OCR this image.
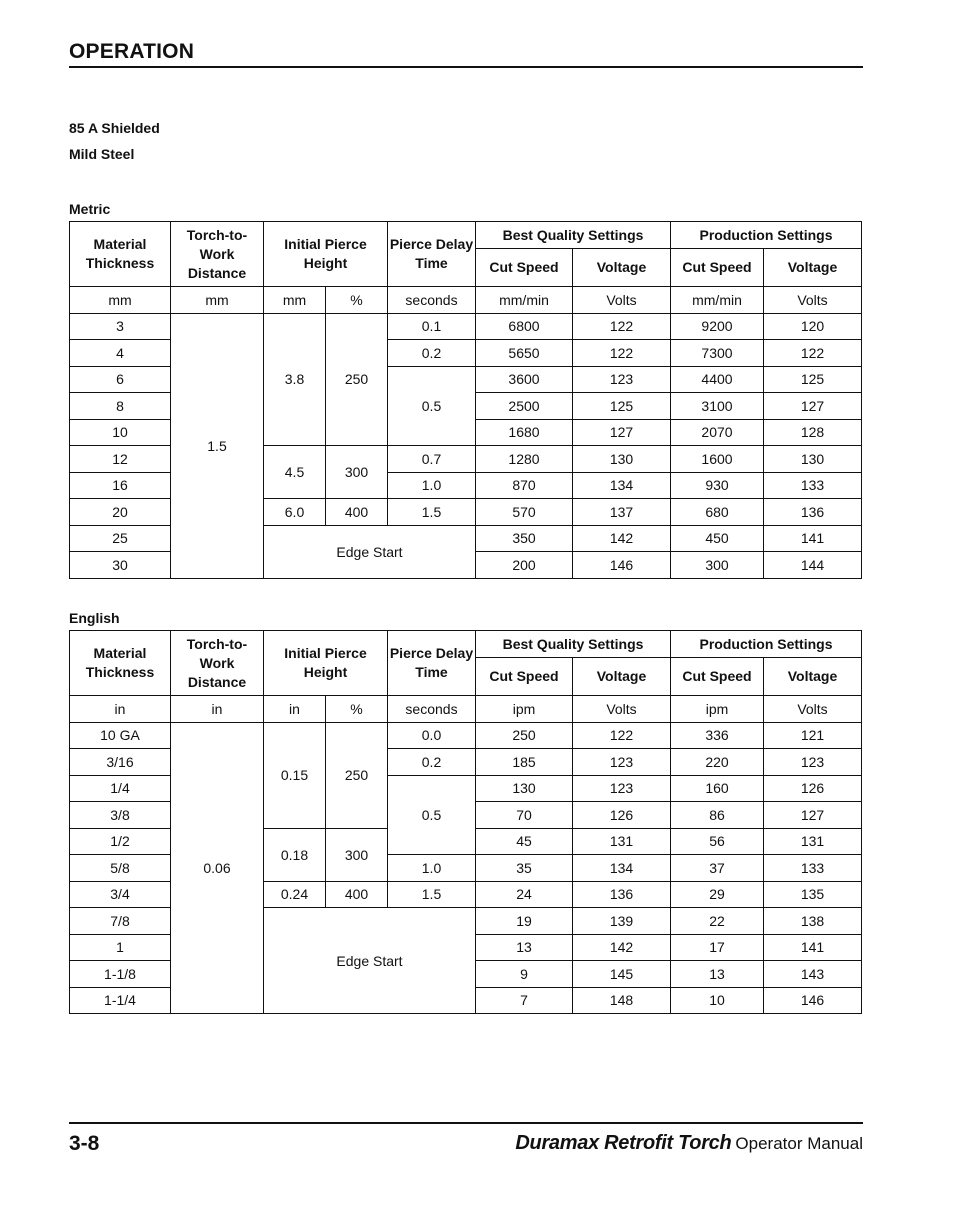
OPERATION
85 A Shielded
Mild Steel
Metric
Material Thickness	Torch-to-Work Distance	Initial Pierce Height		Pierce Delay Time	Best Quality Settings		Production Settings	
					Cut Speed	Voltage	Cut Speed	Voltage
mm	mm	mm	%	seconds	mm/min	Volts	mm/min	Volts
3	1.5	3.8	250	0.1	6800	122	9200	120
4				0.2	5650	122	7300	122
6				0.5	3600	123	4400	125
8					2500	125	3100	127
10					1680	127	2070	128
12		4.5	300	0.7	1280	130	1600	130
16				1.0	870	134	930	133
20		6.0	400	1.5	570	137	680	136
25		Edge Start			350	142	450	141
30					200	146	300	144
English
Material Thickness	Torch-to-Work Distance	Initial Pierce Height		Pierce Delay Time	Best Quality Settings		Production Settings	
					Cut Speed	Voltage	Cut Speed	Voltage
in	in	in	%	seconds	ipm	Volts	ipm	Volts
10 GA	0.06	0.15	250	0.0	250	122	336	121
3/16				0.2	185	123	220	123
1/4				0.5	130	123	160	126
3/8					70	126	86	127
1/2		0.18	300		45	131	56	131
5/8				1.0	35	134	37	133
3/4		0.24	400	1.5	24	136	29	135
7/8		Edge Start			19	139	22	138
1					13	142	17	141
1-1/8					9	145	13	143
1-1/4					7	148	10	146
3-8	Duramax Retrofit Torch Operator Manual
